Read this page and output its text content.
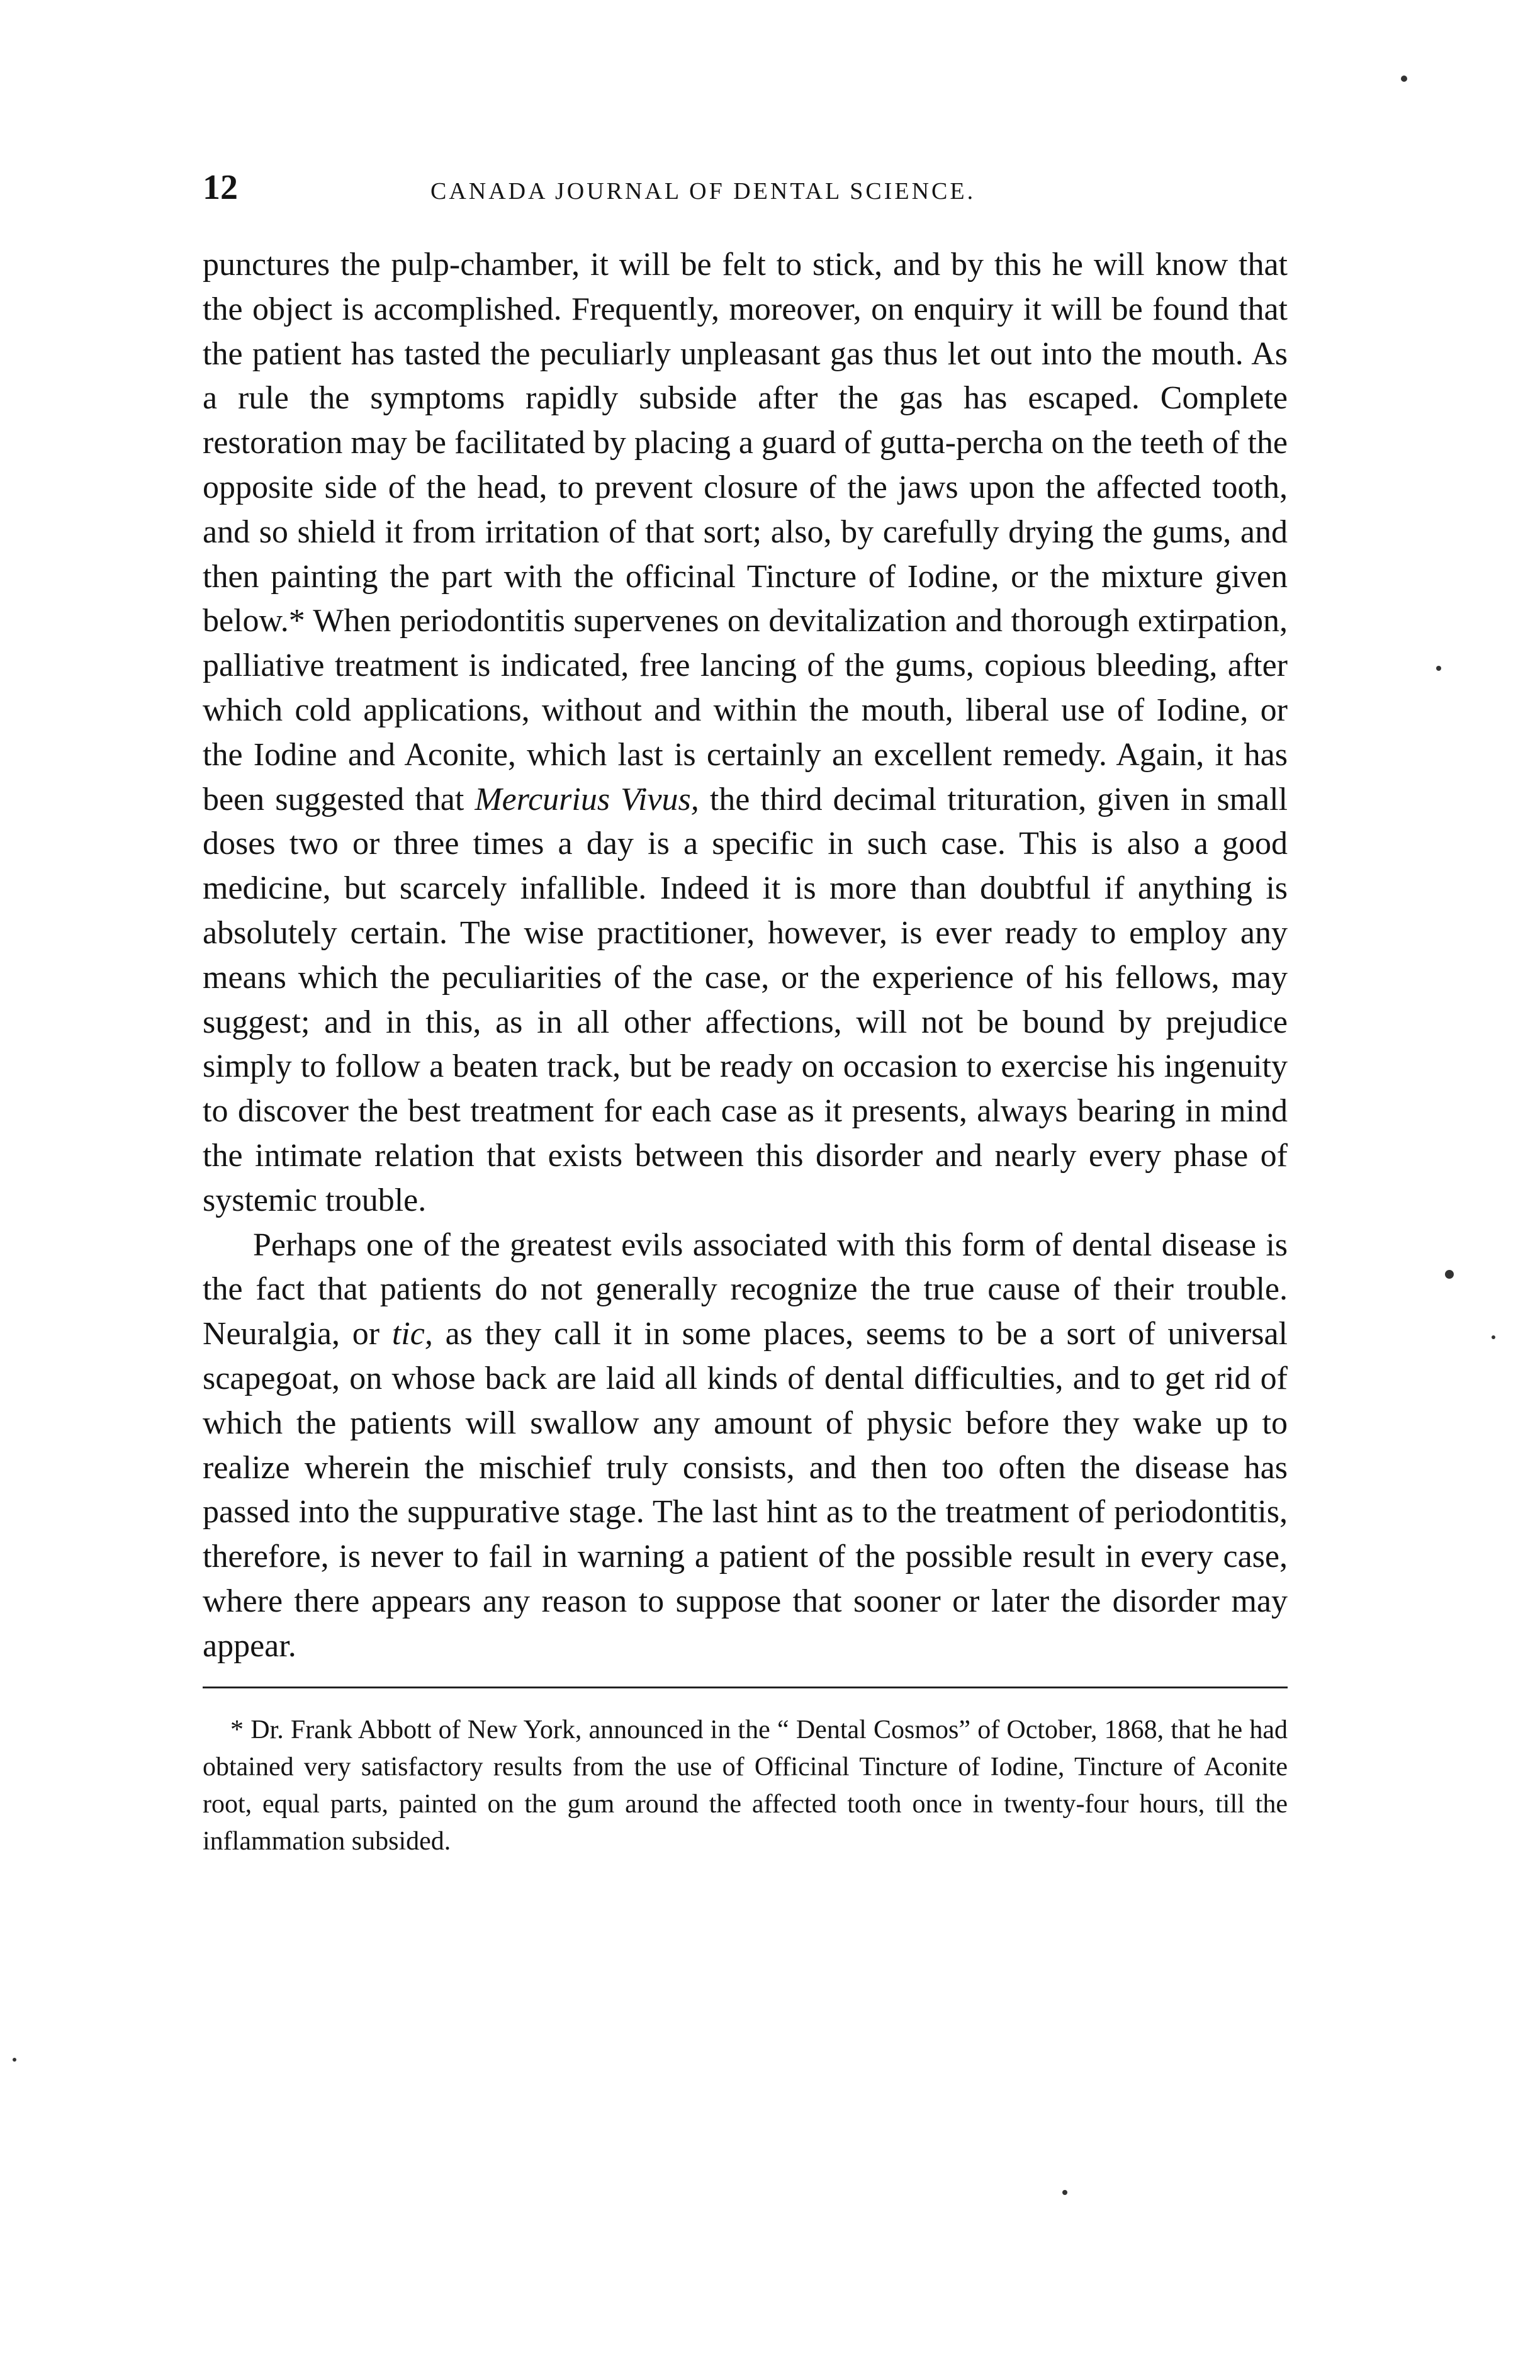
12	CANADA JOURNAL OF DENTAL SCIENCE.

punctures the pulp-chamber, it will be felt to stick, and by this he will know that the object is accomplished. Frequently, moreover, on enquiry it will be found that the patient has tasted the peculiarly unpleasant gas thus let out into the mouth. As a rule the symptoms rapidly subside after the gas has escaped. Complete restoration may be facilitated by placing a guard of gutta-percha on the teeth of the opposite side of the head, to prevent closure of the jaws upon the affected tooth, and so shield it from irritation of that sort; also, by carefully drying the gums, and then painting the part with the officinal Tincture of Iodine, or the mixture given below.* When periodontitis supervenes on devitalization and thorough extirpation, palliative treatment is indicated, free lancing of the gums, copious bleeding, after which cold applications, without and within the mouth, liberal use of Iodine, or the Iodine and Aconite, which last is certainly an excellent remedy. Again, it has been suggested that Mercurius Vivus, the third decimal trituration, given in small doses two or three times a day is a specific in such case. This is also a good medicine, but scarcely infallible. Indeed it is more than doubtful if anything is absolutely certain. The wise practitioner, however, is ever ready to employ any means which the peculiarities of the case, or the experience of his fellows, may suggest; and in this, as in all other affections, will not be bound by prejudice simply to follow a beaten track, but be ready on occasion to exercise his ingenuity to discover the best treatment for each case as it presents, always bearing in mind the intimate relation that exists between this disorder and nearly every phase of systemic trouble.

Perhaps one of the greatest evils associated with this form of dental disease is the fact that patients do not generally recognize the true cause of their trouble. Neuralgia, or tic, as they call it in some places, seems to be a sort of universal scapegoat, on whose back are laid all kinds of dental difficulties, and to get rid of which the patients will swallow any amount of physic before they wake up to realize wherein the mischief truly consists, and then too often the disease has passed into the suppurative stage. The last hint as to the treatment of periodontitis, therefore, is never to fail in warning a patient of the possible result in every case, where there appears any reason to suppose that sooner or later the disorder may appear.

* Dr. Frank Abbott of New York, announced in the “ Dental Cosmos” of October, 1868, that he had obtained very satisfactory results from the use of Officinal Tincture of Iodine, Tincture of Aconite root, equal parts, painted on the gum around the affected tooth once in twenty-four hours, till the inflammation subsided.
